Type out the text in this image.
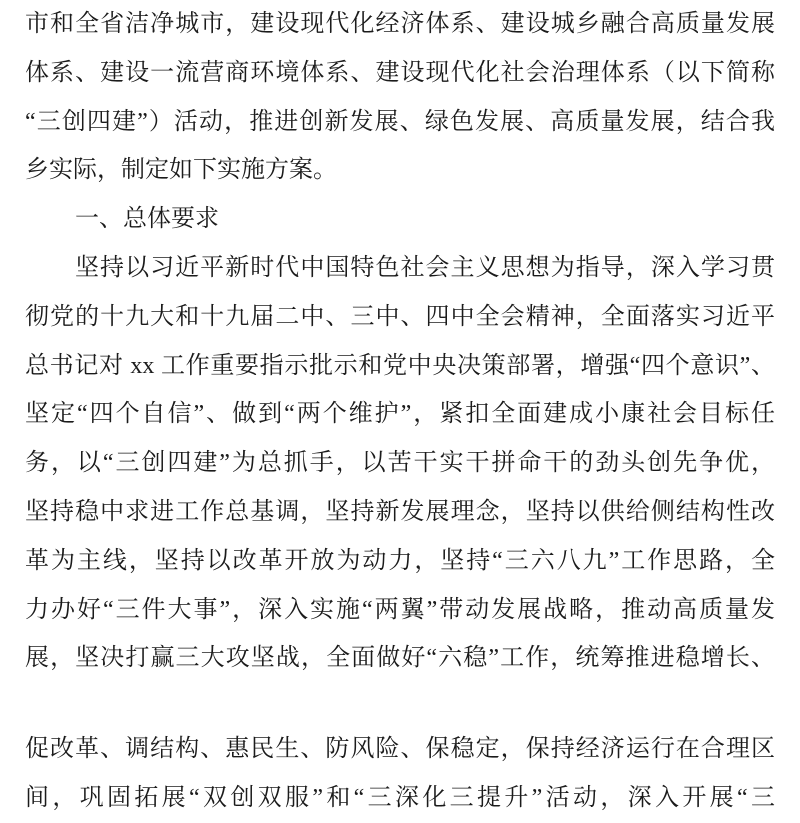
市和全省洁净城市，建设现代化经济体系、建设城乡融合高质量发展
体系、建设一流营商环境体系、建设现代化社会治理体系（以下简称
“三创四建”）活动，推进创新发展、绿色发展、高质量发展，结合我
乡实际，制定如下实施方案。
一、总体要求
坚持以习近平新时代中国特色社会主义思想为指导，深入学习贯
彻党的十九大和十九届二中、三中、四中全会精神，全面落实习近平
总书记对 xx 工作重要指示批示和党中央决策部署，增强“四个意识”、
坚定“四个自信”、做到“两个维护”，紧扣全面建成小康社会目标任
务，以“三创四建”为总抓手，以苦干实干拼命干的劲头创先争优，
坚持稳中求进工作总基调，坚持新发展理念，坚持以供给侧结构性改
革为主线，坚持以改革开放为动力，坚持“三六八九”工作思路，全
力办好“三件大事”，深入实施“两翼”带动发展战略，推动高质量发
展，坚决打赢三大攻坚战，全面做好“六稳”工作，统筹推进稳增长、
促改革、调结构、惠民生、防风险、保稳定，保持经济运行在合理区
间，巩固拓展“双创双服”和“三深化三提升”活动，深入开展“三
